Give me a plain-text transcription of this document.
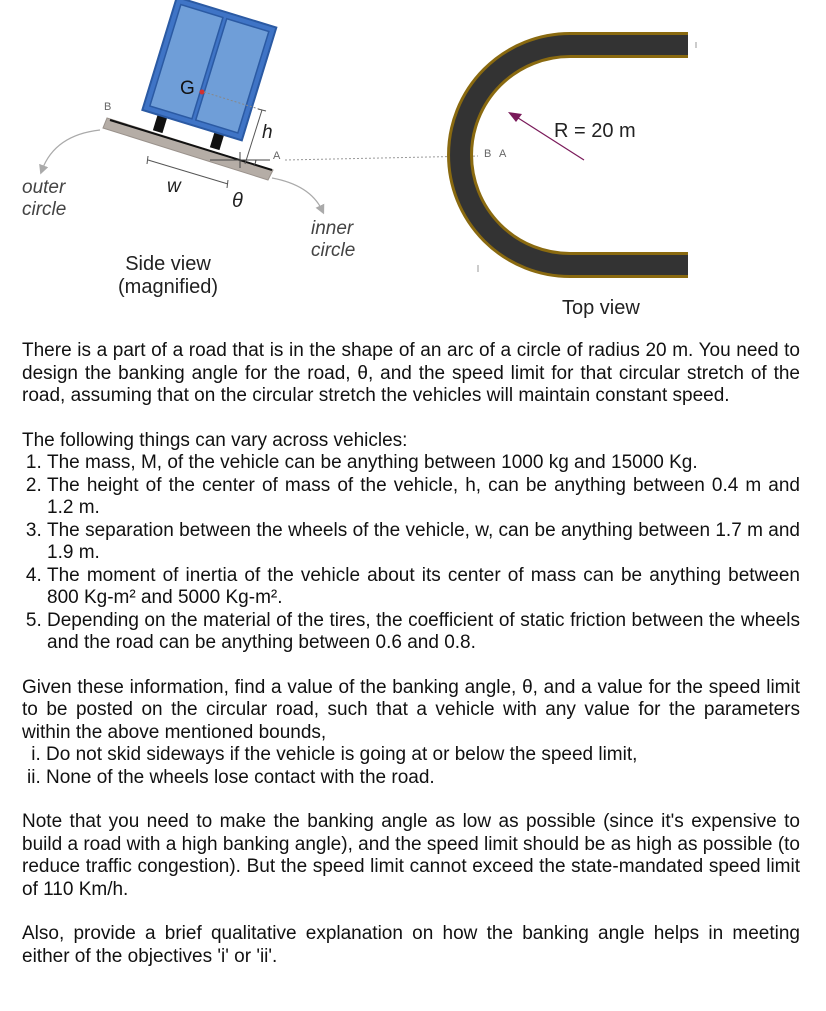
G
h
w
θ
B
A
outer
circle
inner
circle
Side view
(magnified)
R = 20 m
B A
Top view

There is a part of a road that is in the shape of an arc of a circle of radius 20 m. You need to design the banking angle for the road, θ, and the speed limit for that circular stretch of the road, assuming that on the circular stretch the vehicles will maintain constant speed.

The following things can vary across vehicles:

1. The mass, M, of the vehicle can be anything between 1000 kg and 15000 Kg.
2. The height of the center of mass of the vehicle, h, can be anything between 0.4 m and 1.2 m.
3. The separation between the wheels of the vehicle, w, can be anything between 1.7 m and 1.9 m.
4. The moment of inertia of the vehicle about its center of mass can be anything between 800 Kg-m² and 5000 Kg-m².
5. Depending on the material of the tires, the coefficient of static friction between the wheels and the road can be anything between 0.6 and 0.8.

Given these information, find a value of the banking angle, θ, and a value for the speed limit to be posted on the circular road, such that a vehicle with any value for the parameters within the above mentioned bounds,

i. Do not skid sideways if the vehicle is going at or below the speed limit,
ii. None of the wheels lose contact with the road.

Note that you need to make the banking angle as low as possible (since it's expensive to build a road with a high banking angle), and the speed limit should be as high as possible (to reduce traffic congestion). But the speed limit cannot exceed the state-mandated speed limit of 110 Km/h.

Also, provide a brief qualitative explanation on how the banking angle helps in meeting either of the objectives 'i' or 'ii'.
